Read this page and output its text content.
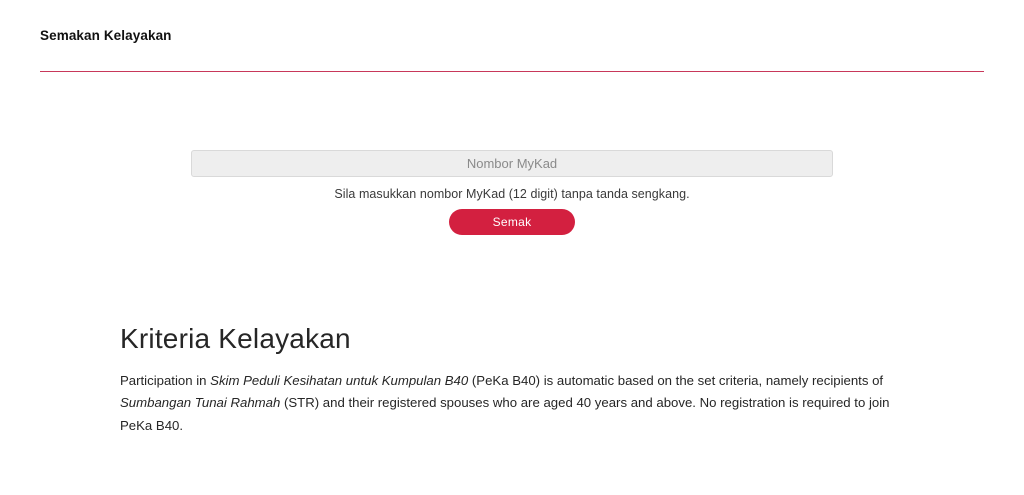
Semakan Kelayakan
Nombor MyKad

Sila masukkan nombor MyKad (12 digit) tanpa tanda sengkang.

Semak
Kriteria Kelayakan

Participation in Skim Peduli Kesihatan untuk Kumpulan B40 (PeKa B40) is automatic based on the set criteria, namely recipients of Sumbangan Tunai Rahmah (STR) and their registered spouses who are aged 40 years and above. No registration is required to join PeKa B40.
